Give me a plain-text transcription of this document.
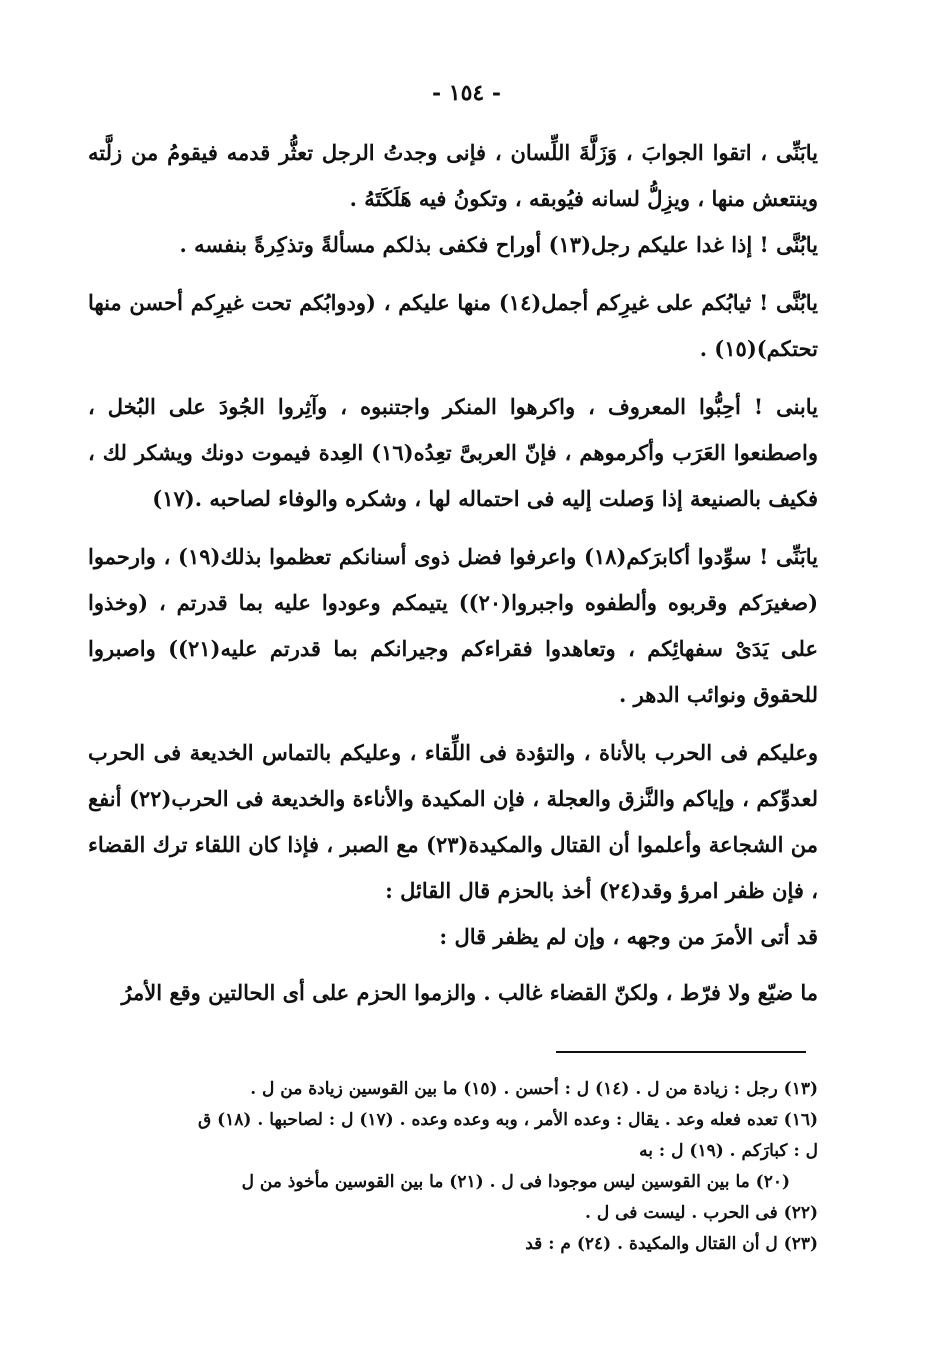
- ١٥٤ -

يابَنِّى ، اتقوا الجوابَ ، وَزَلَّةَ اللِّسان ، فإنى وجدتُ الرجل تعثُّر قدمه فيقومُ من زلَّته وينتعش منها ، ويزِلُّ لسانه فيُوبقه ، وتكونُ فيه هَلَكَتَهُ .

يابُنَّى ! إذا غدا عليكم رجل(١٣) أوراح فكفى بذلكم مسألةً وتذكِرةً بنفسه .

يابُنَّى ! ثيابُكم على غيرِكم أجمل(١٤) منها عليكم ، (ودوابُكم تحت غيرِكم أحسن منها تحتكم)(١٥) .

يابنى ! أحِبُّوا المعروف ، واكرهوا المنكر واجتنبوه ، وآثِروا الجُودَ على البُخل ، واصطنعوا العَرَب وأكرموهم ، فإنّ العربىَّ تعِدُه(١٦) العِدة فيموت دونك ويشكر لك ، فكيف بالصنيعة إذا وَصلت إليه فى احتماله لها ، وشكره والوفاء لصاحبه .(١٧)

يابَنِّى ! سوِّدوا أكابرَكم(١٨) واعرفوا فضل ذوى أسنانكم تعظموا بذلك(١٩) ، وارحموا (صغيرَكم وقربوه وألطفوه واجبروا(٢٠)) يتيمكم وعودوا عليه بما قدرتم ، (وخذوا على يَدَىْ سفهائِكم ، وتعاهدوا فقراءكم وجيرانكم بما قدرتم عليه(٢١)) واصبروا للحقوق ونوائب الدهر .

وعليكم فى الحرب بالأناة ، والتؤدة فى اللِّقاء ، وعليكم بالتماس الخديعة فى الحرب لعدوِّكم ، وإياكم والنَّزق والعجلة ، فإن المكيدة والأناءة والخديعة فى الحرب(٢٢) أنفع من الشجاعة وأعلموا أن القتال والمكيدة(٢٣) مع الصبر ، فإذا كان اللقاء ترك القضاء ، فإن ظفر امرؤ وقد(٢٤) أخذ بالحزم قال القائل :

قد أتى الأمرَ من وجهه ، وإن لم يظفر قال :

ما ضيّع ولا فرّط ، ولكنّ القضاء غالب . والزموا الحزم على أى الحالتين وقع الأمرُ

(١٣) رجل : زيادة من ل . (١٤) ل : أحسن . (١٥) ما بين القوسين زيادة من ل .

(١٦) تعده فعله وعد . يقال : وعده الأمر ، وبه وعده وعده . (١٧) ل : لصاحبها . (١٨) ق

ل : كبارَكم . (١٩) ل : به

(٢٠) ما بين القوسين ليس موجودا فى ل . (٢١) ما بين القوسين مأخوذ من ل

(٢٢) فى الحرب . ليست فى ل .

(٢٣) ل أن القتال والمكيدة . (٢٤) م : قد
